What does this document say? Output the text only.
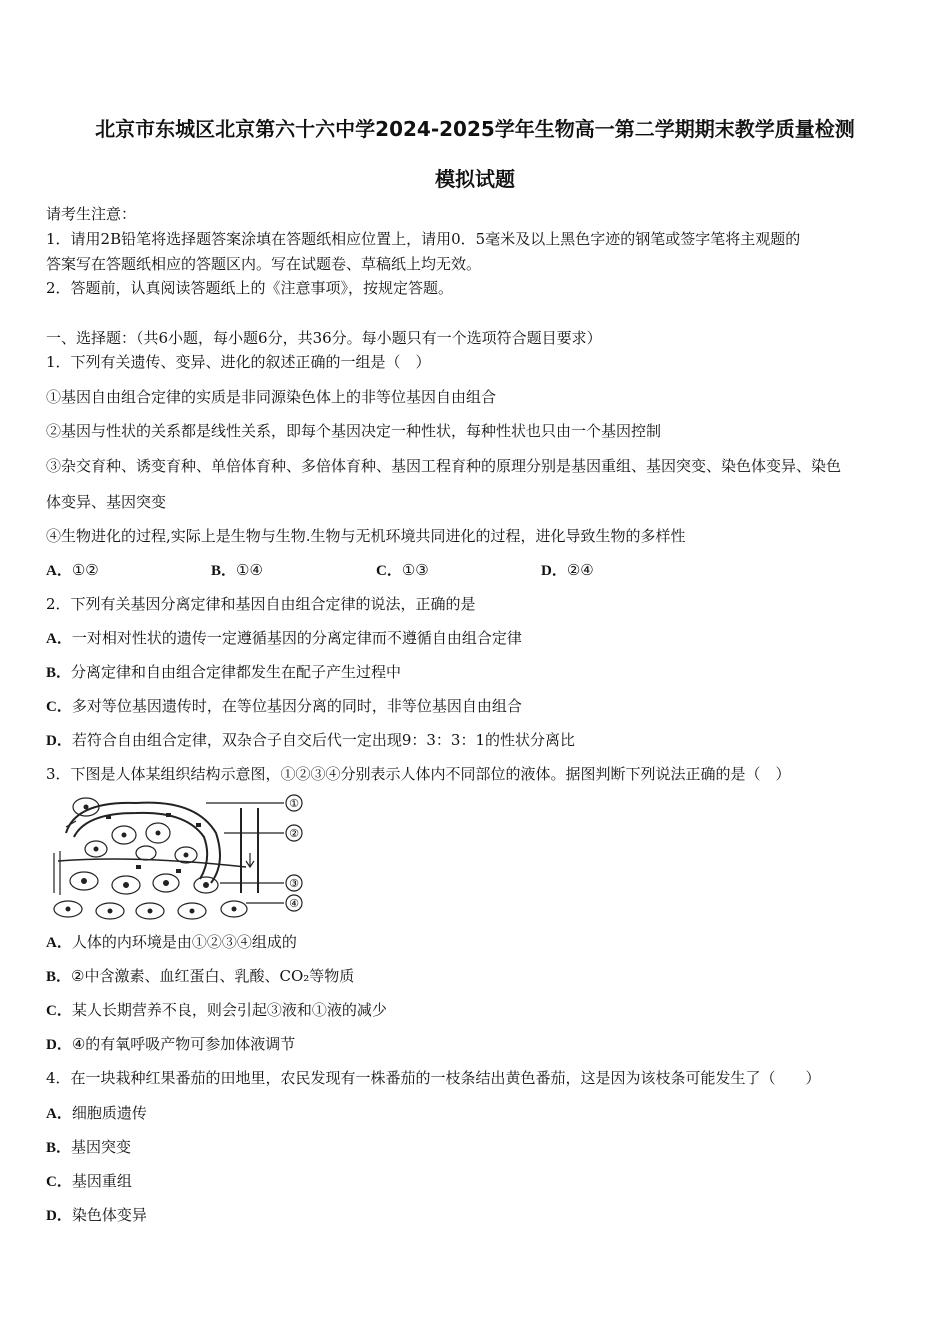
北京市东城区北京第六十六中学2024-2025学年生物高一第二学期期末教学质量检测
模拟试题
请考生注意：
1．请用2B铅笔将选择题答案涂填在答题纸相应位置上，请用0．5毫米及以上黑色字迹的钢笔或签字笔将主观题的
答案写在答题纸相应的答题区内。写在试题卷、草稿纸上均无效。
2．答题前，认真阅读答题纸上的《注意事项》，按规定答题。
一、选择题：（共6小题，每小题6分，共36分。每小题只有一个选项符合题目要求）
1．下列有关遗传、变异、进化的叙述正确的一组是（　）
①基因自由组合定律的实质是非同源染色体上的非等位基因自由组合
②基因与性状的关系都是线性关系，即每个基因决定一种性状，每种性状也只由一个基因控制
③杂交育种、诱变育种、单倍体育种、多倍体育种、基因工程育种的原理分别是基因重组、基因突变、染色体变异、染色
体变异、基因突变
④生物进化的过程,实际上是生物与生物.生物与无机环境共同进化的过程，进化导致生物的多样性
A．①②	B．①④	C．①③	D．②④
2．下列有关基因分离定律和基因自由组合定律的说法，正确的是
A．一对相对性状的遗传一定遵循基因的分离定律而不遵循自由组合定律
B．分离定律和自由组合定律都发生在配子产生过程中
C．多对等位基因遗传时，在等位基因分离的同时，非等位基因自由组合
D．若符合自由组合定律，双杂合子自交后代一定出现9：3：3：1的性状分离比
3．下图是人体某组织结构示意图，①②③④分别表示人体内不同部位的液体。据图判断下列说法正确的是（　）
①
②
③
④
A．人体的内环境是由①②③④组成的
B．②中含激素、血红蛋白、乳酸、CO₂等物质
C．某人长期营养不良，则会引起③液和①液的减少
D．④的有氧呼吸产物可参加体液调节
4．在一块栽种红果番茄的田地里，农民发现有一株番茄的一枝条结出黄色番茄，这是因为该枝条可能发生了（　　）
A．细胞质遗传
B．基因突变
C．基因重组
D．染色体变异
